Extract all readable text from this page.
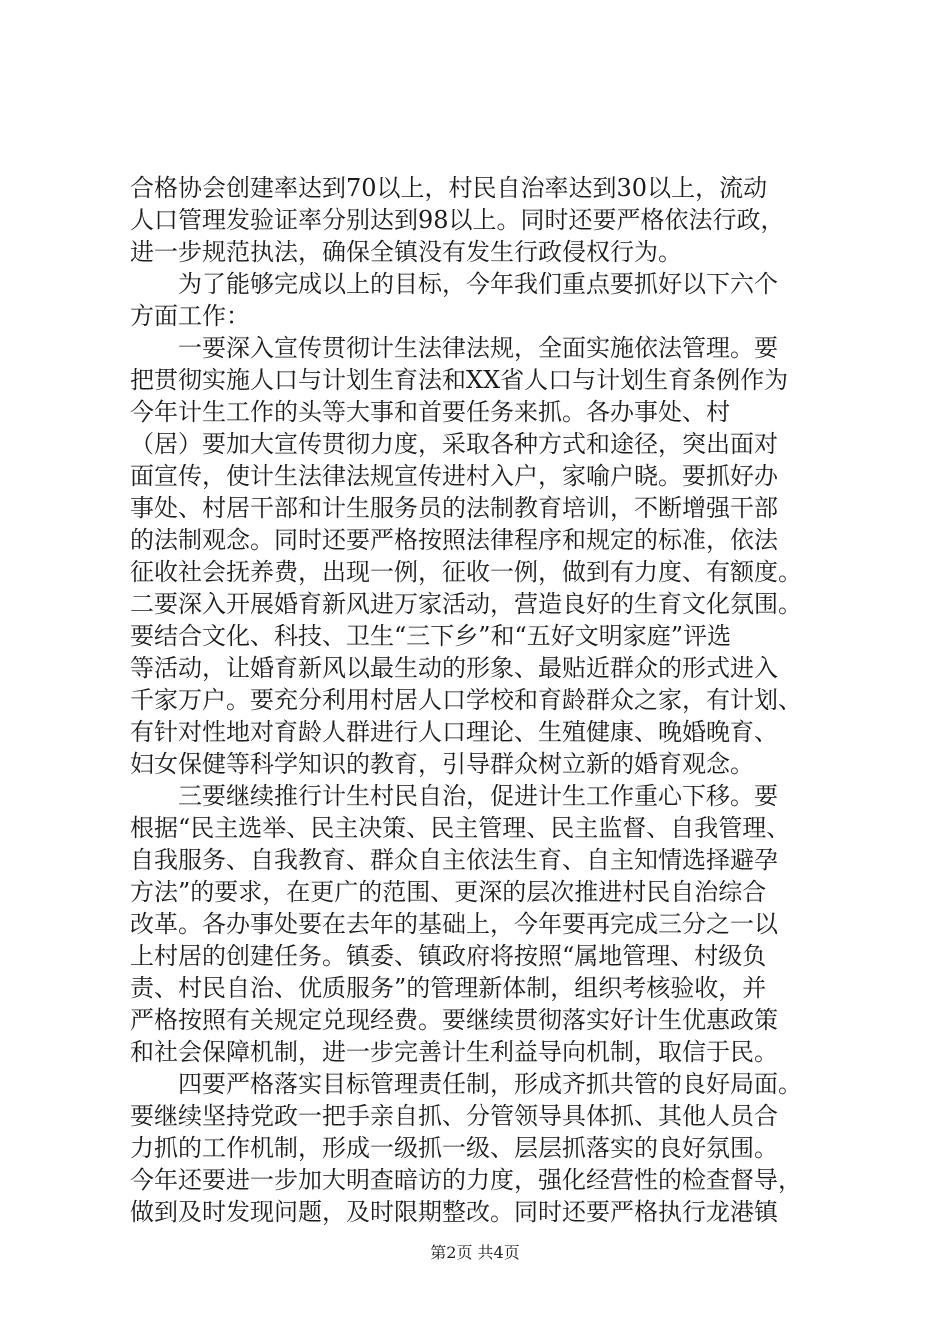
合格协会创建率达到70以上，村民自治率达到30以上，流动
人口管理发验证率分别达到98以上。同时还要严格依法行政，
进一步规范执法，确保全镇没有发生行政侵权行为。
　　为了能够完成以上的目标，今年我们重点要抓好以下六个
方面工作：
　　一要深入宣传贯彻计生法律法规，全面实施依法管理。要
把贯彻实施人口与计划生育法和XX省人口与计划生育条例作为
今年计生工作的头等大事和首要任务来抓。各办事处、村
（居）要加大宣传贯彻力度，采取各种方式和途径，突出面对
面宣传，使计生法律法规宣传进村入户，家喻户晓。要抓好办
事处、村居干部和计生服务员的法制教育培训，不断增强干部
的法制观念。同时还要严格按照法律程序和规定的标准，依法
征收社会抚养费，出现一例，征收一例，做到有力度、有额度。
二要深入开展婚育新风进万家活动，营造良好的生育文化氛围。
要结合文化、科技、卫生“三下乡”和“五好文明家庭”评选
等活动，让婚育新风以最生动的形象、最贴近群众的形式进入
千家万户。要充分利用村居人口学校和育龄群众之家，有计划、
有针对性地对育龄人群进行人口理论、生殖健康、晚婚晚育、
妇女保健等科学知识的教育，引导群众树立新的婚育观念。
　　三要继续推行计生村民自治，促进计生工作重心下移。要
根据“民主选举、民主决策、民主管理、民主监督、自我管理、
自我服务、自我教育、群众自主依法生育、自主知情选择避孕
方法”的要求，在更广的范围、更深的层次推进村民自治综合
改革。各办事处要在去年的基础上，今年要再完成三分之一以
上村居的创建任务。镇委、镇政府将按照“属地管理、村级负
责、村民自治、优质服务”的管理新体制，组织考核验收，并
严格按照有关规定兑现经费。要继续贯彻落实好计生优惠政策
和社会保障机制，进一步完善计生利益导向机制，取信于民。
　　四要严格落实目标管理责任制，形成齐抓共管的良好局面。
要继续坚持党政一把手亲自抓、分管领导具体抓、其他人员合
力抓的工作机制，形成一级抓一级、层层抓落实的良好氛围。
今年还要进一步加大明查暗访的力度，强化经营性的检查督导，
做到及时发现问题，及时限期整改。同时还要严格执行龙港镇
第2页 共4页
